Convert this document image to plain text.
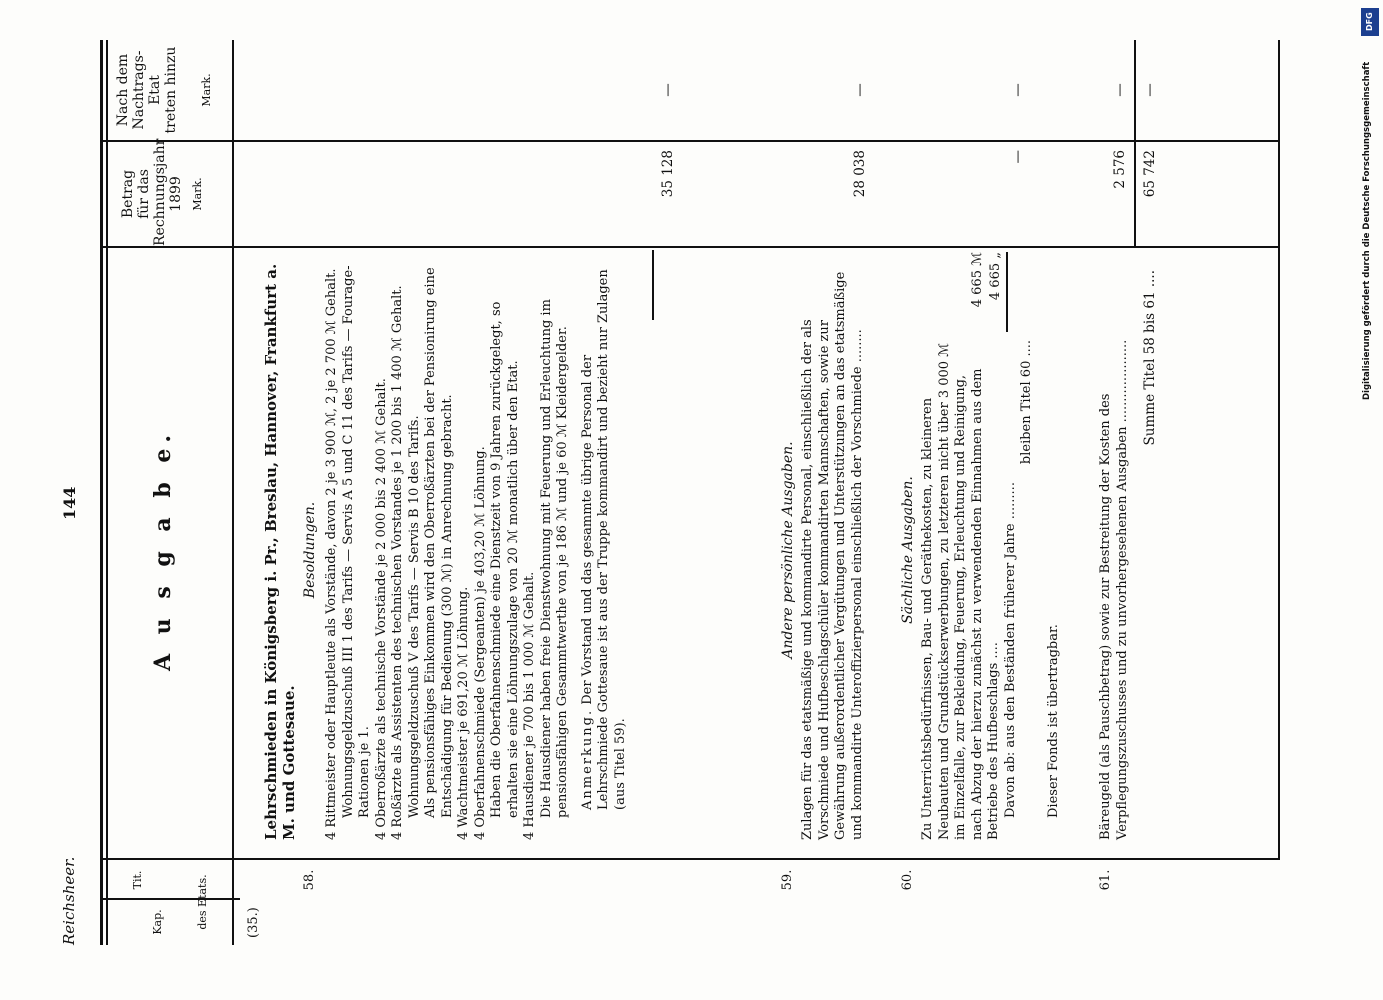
DFG
Digitalisierung gefördert durch die Deutsche Forschungsgemeinschaft
Reichsheer.
144
Kap.
Tit.	des Etats.
A u s g a b e.
Betrag für das Rechnungsjahr 1899 Mark.
Nach dem Nachtrags-Etat treten hinzu Mark.
(35.)
Lehrschmieden in Königsberg i. Pr., Breslau, Hannover, Frankfurt a. M. und Gottesaue.
58.
Besoldungen. 4 Rittmeister oder Hauptleute als Vorstände, davon 2 je 3 900 ℳ, 2 je 2 700 ℳ Gehalt. Wohnungsgeldzuschuß III 1 des Tarifs — Servis A 5 und C 11 des Tarifs — Fourage-Rationen je 1. 4 Oberroßärzte als technische Vorstände je 2 000 bis 2 400 ℳ Gehalt. 4 Roßärzte als Assistenten des technischen Vorstandes je 1 200 bis 1 400 ℳ Gehalt. Wohnungsgeldzuschuß V des Tarifs — Servis B 10 des Tarifs. Als pensionsfähiges Einkommen wird den Oberroßärzten bei der Pensionirung eine Entschädigung für Bedienung (300 ℳ) in Anrechnung gebracht. 4 Wachtmeister je 691,20 ℳ Löhnung. 4 Oberfahnenschmiede (Sergeanten) je 403,20 ℳ Löhnung. Haben die Oberfahnenschmiede eine Dienstzeit von 9 Jahren zurückgelegt, so erhalten sie eine Löhnungszulage von 20 ℳ monatlich über den Etat. 4 Hausdiener je 700 bis 1 000 ℳ Gehalt. Die Hausdiener haben freie Dienstwohnung mit Feuerung und Erleuchtung im pensionsfähigen Gesammtwerthe von je 186 ℳ und je 60 ℳ Kleidergelder. Anmerkung. Der Vorstand und das gesammte übrige Personal der Lehrschmiede Gottesaue ist aus der Truppe kommandirt und bezieht nur Zulagen (aus Titel 59).
35 128
—
59.
Andere persönliche Ausgaben. Zulagen für das etatsmäßige und kommandirte Personal, einschließlich der als Vorschmiede und Hufbeschlagschüler kommandirten Mannschaften, sowie zur Gewährung außerordentlicher Vergütungen und Unterstützungen an das etatsmäßige und kommandirte Unteroffizierpersonal einschließlich der Vorschmiede ........
28 038
—
60.
Sächliche Ausgaben. Zu Unterrichtsbedürfnissen, Bau- und Geräthekosten, zu kleineren Neubauten und Grundstückserwerbungen, zu letzteren nicht über 3 000 ℳ im Einzelfalle, zur Bekleidung, Feuerung, Erleuchtung und Reinigung, nach Abzug der hierzu zunächst zu verwendenden Einnahmen aus dem Betriebe des Hufbeschlags .... Davon ab: aus den Beständen früherer Jahre .........
bleiben Titel 60 ....
Dieser Fonds ist übertragbar.
4 665 ℳ 4 665 „
—
—
61.
Bäreugeld (als Pauschbetrag) sowie zur Bestreitung der Kosten des Verpflegungszuschusses und zu unvorhergesehenen Ausgaben ....................
2 576
—
Summe Titel 58 bis 61 ....
65 742
—
